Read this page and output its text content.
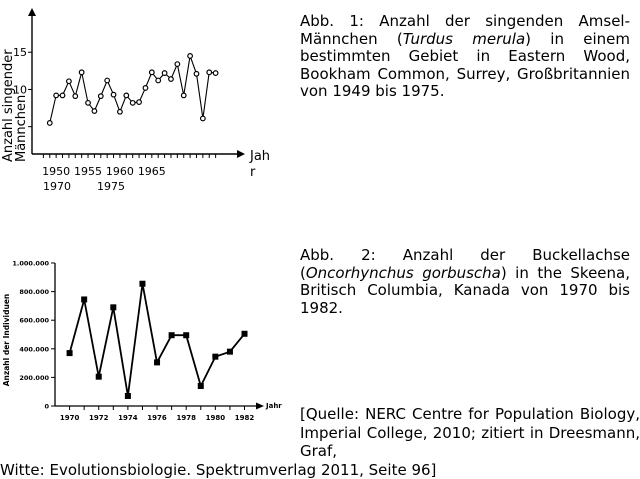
1950 1955 1960 1965
1970 1975
10
15
Anzahl singender Männchen	Jah r
0
200.000
400.000
600.000
800.000
1.000.000
1970 1972 1974 1976 1978 1980 1982
Jahr
Anzahl der Individuen

Abb. 1: Anzahl der singenden Amsel-Männchen (Turdus merula) in einem bestimmten Gebiet in Eastern Wood, Bookham Common, Surrey, Großbritannien von 1949 bis 1975.

Abb. 2: Anzahl der Buckellachse (Oncorhynchus gorbuscha) in the Skeena, Britisch Columbia, Kanada von 1970 bis 1982.

[Quelle: NERC Centre for Population Biology, Imperial College, 2010; zitiert in Dreesmann, Graf,
Witte: Evolutionsbiologie. Spektrumverlag 2011, Seite 96]
